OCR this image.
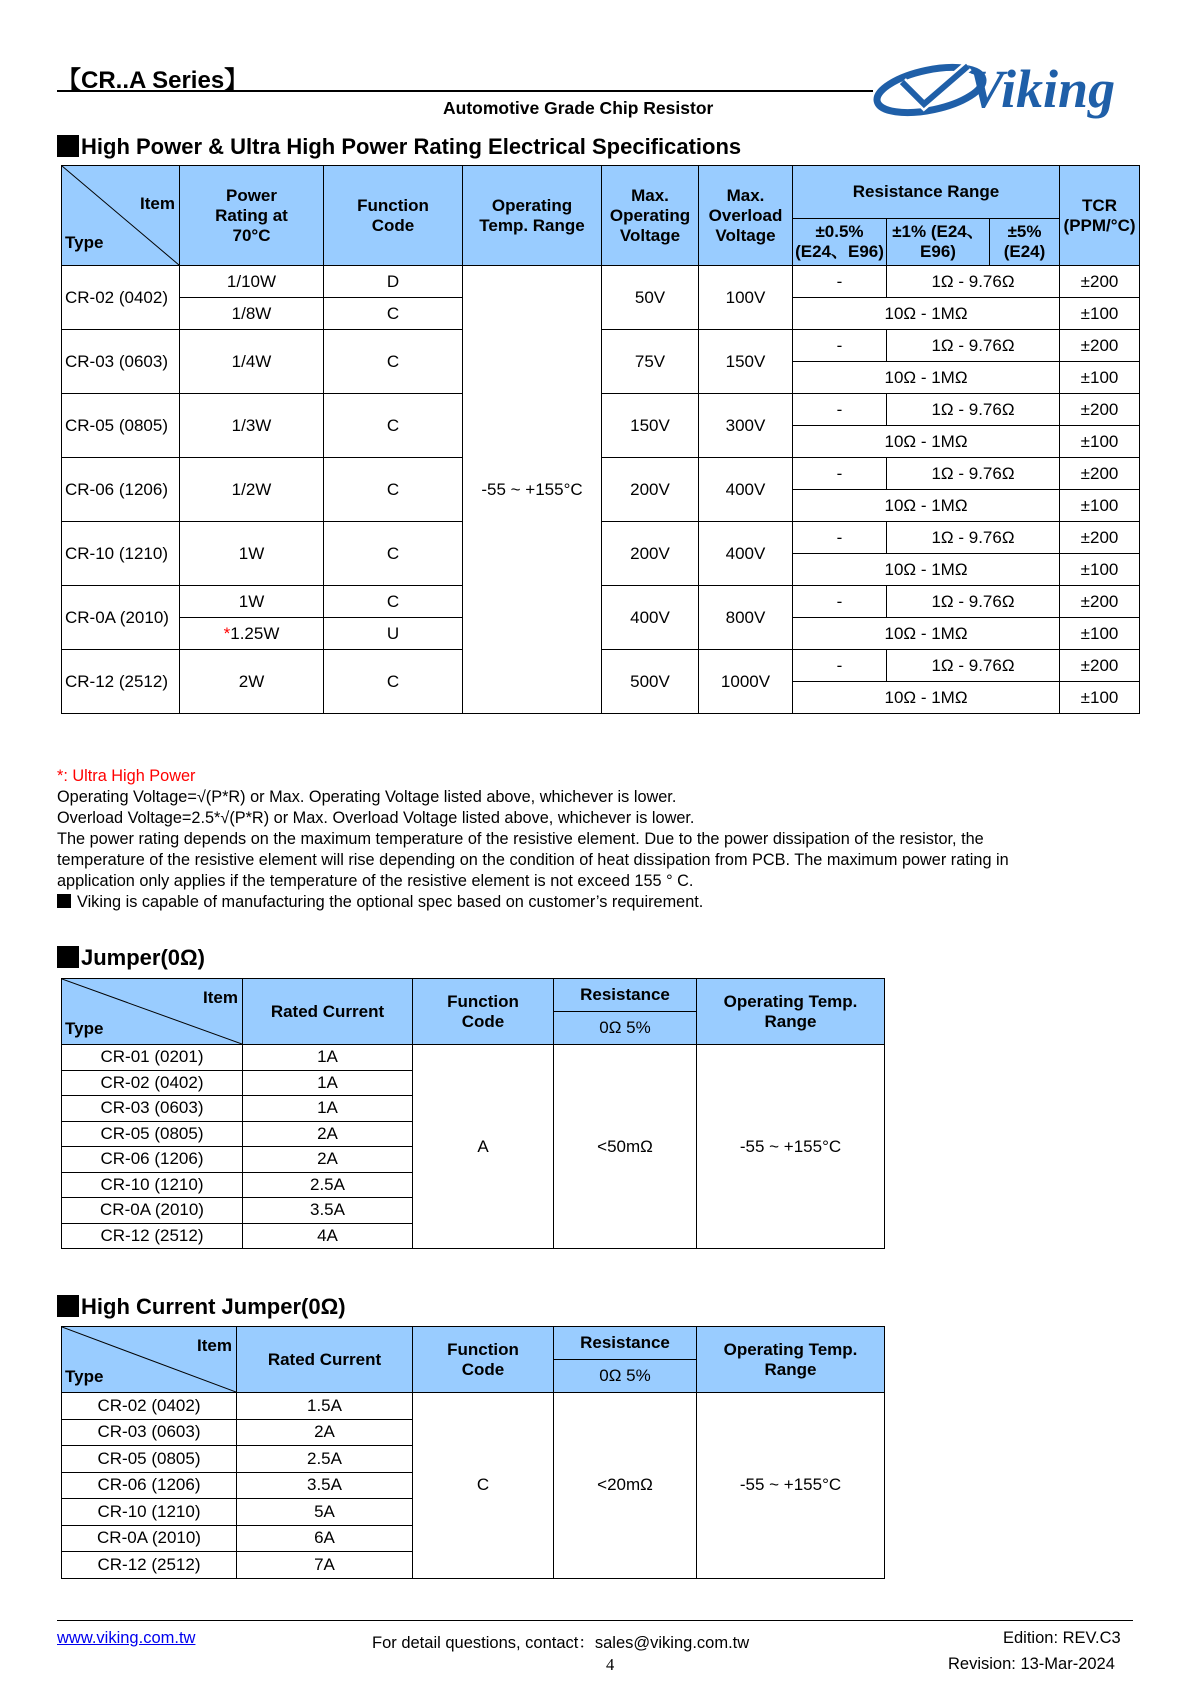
【CR..A Series】
Automotive Grade Chip Resistor	Viking
High Power & Ultra High Power Rating Electrical Specifications
Item
Type	Power Rating at 70°C	Function Code	Operating Temp. Range	Max. Operating Voltage	Max. Overload Voltage	Resistance Range			TCR (PPM/°C)
						±0.5% (E24、E96)	±1% (E24、E96)	±5% (E24)	
CR-02 (0402)	1/10W	D	-55 ~ +155°C	50V	100V	-	1Ω - 9.76Ω		±200
	1/8W	C				10Ω - 1MΩ			±100
CR-03 (0603)	1/4W	C		75V	150V	-	1Ω - 9.76Ω		±200
						10Ω - 1MΩ			±100
CR-05 (0805)	1/3W	C		150V	300V	-	1Ω - 9.76Ω		±200
						10Ω - 1MΩ			±100
CR-06 (1206)	1/2W	C		200V	400V	-	1Ω - 9.76Ω		±200
						10Ω - 1MΩ			±100
CR-10 (1210)	1W	C		200V	400V	-	1Ω - 9.76Ω		±200
						10Ω - 1MΩ			±100
CR-0A (2010)	1W	C		400V	800V	-	1Ω - 9.76Ω		±200
	*1.25W	U				10Ω - 1MΩ			±100
CR-12 (2512)	2W	C		500V	1000V	-	1Ω - 9.76Ω		±200
						10Ω - 1MΩ			±100
*: Ultra High Power
Operating Voltage=√(P*R) or Max. Operating Voltage listed above, whichever is lower.
Overload Voltage=2.5*√(P*R) or Max. Overload Voltage listed above, whichever is lower.
The power rating depends on the maximum temperature of the resistive element. Due to the power dissipation of the resistor, the
temperature of the resistive element will rise depending on the condition of heat dissipation from PCB. The maximum power rating in
application only applies if the temperature of the resistive element is not exceed 155 ° C.
Viking is capable of manufacturing the optional spec based on customer’s requirement.
Jumper(0Ω)
Item
Type	Rated Current	Function Code	Resistance	Operating Temp. Range
			0Ω 5%	
CR-01 (0201)	1A	A	<50mΩ	-55 ~ +155°C
CR-02 (0402)	1A			
CR-03 (0603)	1A			
CR-05 (0805)	2A			
CR-06 (1206)	2A			
CR-10 (1210)	2.5A			
CR-0A (2010)	3.5A			
CR-12 (2512)	4A			
High Current Jumper(0Ω)
Item
Type	Rated Current	Function Code	Resistance	Operating Temp. Range
			0Ω 5%	
CR-02 (0402)	1.5A	C	<20mΩ	-55 ~ +155°C
CR-03 (0603)	2A			
CR-05 (0805)	2.5A			
CR-06 (1206)	3.5A			
CR-10 (1210)	5A			
CR-0A (2010)	6A			
CR-12 (2512)	7A			
www.viking.com.tw	For detail questions, contact：sales@viking.com.tw	Edition: REV.C3
4	Revision: 13-Mar-2024
